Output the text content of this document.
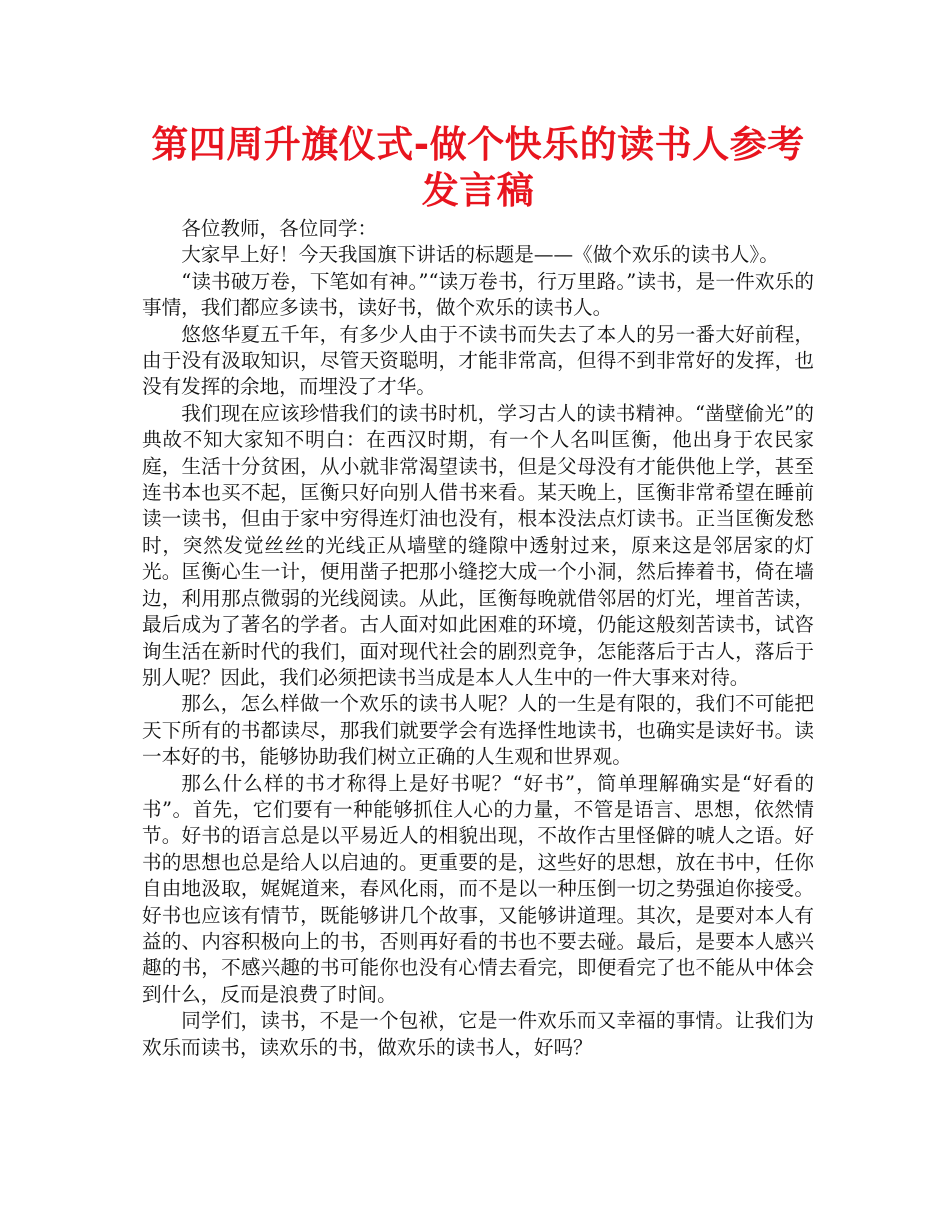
第四周升旗仪式-做个快乐的读书人参考发言稿

各位教师，各位同学：

大家早上好！今天我国旗下讲话的标题是——《做个欢乐的读书人》。

“读书破万卷，下笔如有神。”“读万卷书，行万里路。”读书，是一件欢乐的事情，我们都应多读书，读好书，做个欢乐的读书人。

悠悠华夏五千年，有多少人由于不读书而失去了本人的另一番大好前程，由于没有汲取知识，尽管天资聪明，才能非常高，但得不到非常好的发挥，也没有发挥的余地，而埋没了才华。

我们现在应该珍惜我们的读书时机，学习古人的读书精神。“凿壁偷光”的典故不知大家知不明白：在西汉时期，有一个人名叫匡衡，他出身于农民家庭，生活十分贫困，从小就非常渴望读书，但是父母没有才能供他上学，甚至连书本也买不起，匡衡只好向别人借书来看。某天晚上，匡衡非常希望在睡前读一读书，但由于家中穷得连灯油也没有，根本没法点灯读书。正当匡衡发愁时，突然发觉丝丝的光线正从墙壁的缝隙中透射过来，原来这是邻居家的灯光。匡衡心生一计，便用凿子把那小缝挖大成一个小洞，然后捧着书，倚在墙边，利用那点微弱的光线阅读。从此，匡衡每晚就借邻居的灯光，埋首苦读，最后成为了著名的学者。古人面对如此困难的环境，仍能这般刻苦读书，试咨询生活在新时代的我们，面对现代社会的剧烈竞争，怎能落后于古人，落后于别人呢？因此，我们必须把读书当成是本人人生中的一件大事来对待。

那么，怎么样做一个欢乐的读书人呢？人的一生是有限的，我们不可能把天下所有的书都读尽，那我们就要学会有选择性地读书，也确实是读好书。读一本好的书，能够协助我们树立正确的人生观和世界观。

那么什么样的书才称得上是好书呢？“好书”，简单理解确实是“好看的书”。首先，它们要有一种能够抓住人心的力量，不管是语言、思想，依然情节。好书的语言总是以平易近人的相貌出现，不故作古里怪僻的唬人之语。好书的思想也总是给人以启迪的。更重要的是，这些好的思想，放在书中，任你自由地汲取，娓娓道来，春风化雨，而不是以一种压倒一切之势强迫你接受。好书也应该有情节，既能够讲几个故事，又能够讲道理。其次，是要对本人有益的、内容积极向上的书，否则再好看的书也不要去碰。最后，是要本人感兴趣的书，不感兴趣的书可能你也没有心情去看完，即便看完了也不能从中体会到什么，反而是浪费了时间。

同学们，读书，不是一个包袱，它是一件欢乐而又幸福的事情。让我们为欢乐而读书，读欢乐的书，做欢乐的读书人，好吗？
